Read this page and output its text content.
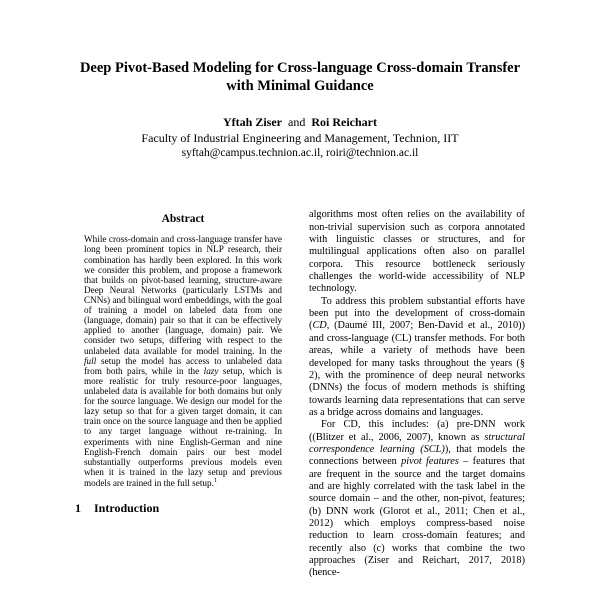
Deep Pivot-Based Modeling for Cross-language Cross-domain Transfer with Minimal Guidance
Yftah Ziser  and  Roi Reichart
Faculty of Industrial Engineering and Management, Technion, IIT
syftah@campus.technion.ac.il, roiri@technion.ac.il
Abstract

While cross-domain and cross-language transfer have long been prominent topics in NLP research, their combination has hardly been explored. In this work we consider this problem, and propose a framework that builds on pivot-based learning, structure-aware Deep Neural Networks (particularly LSTMs and CNNs) and bilingual word embeddings, with the goal of training a model on labeled data from one (language, domain) pair so that it can be effectively applied to another (language, domain) pair. We consider two setups, differing with respect to the unlabeled data available for model training. In the full setup the model has access to unlabeled data from both pairs, while in the lazy setup, which is more realistic for truly resource-poor languages, unlabeled data is available for both domains but only for the source language. We design our model for the lazy setup so that for a given target domain, it can train once on the source language and then be applied to any target language without re-training. In experiments with nine English-German and nine English-French domain pairs our best model substantially outperforms previous models even when it is trained in the lazy setup and previous models are trained in the full setup.$^1$

1 Introduction

algorithms most often relies on the availability of non-trivial supervision such as corpora annotated with linguistic classes or structures, and for multilingual applications often also on parallel corpora. This resource bottleneck seriously challenges the world-wide accessibility of NLP technology.

To address this problem substantial efforts have been put into the development of cross-domain (CD, (Daumé III, 2007; Ben-David et al., 2010)) and cross-language (CL) transfer methods. For both areas, while a variety of methods have been developed for many tasks throughout the years (§ 2), with the prominence of deep neural networks (DNNs) the focus of modern methods is shifting towards learning data representations that can serve as a bridge across domains and languages.

For CD, this includes: (a) pre-DNN work ((Blitzer et al., 2006, 2007), known as structural correspondence learning (SCL)), that models the connections between pivot features – features that are frequent in the source and the target domains and are highly correlated with the task label in the source domain – and the other, non-pivot, features; (b) DNN work (Glorot et al., 2011; Chen et al., 2012) which employs compress-based noise reduction to learn cross-domain features; and recently also (c) works that combine the two approaches (Ziser and Reichart, 2017, 2018) (hence-
